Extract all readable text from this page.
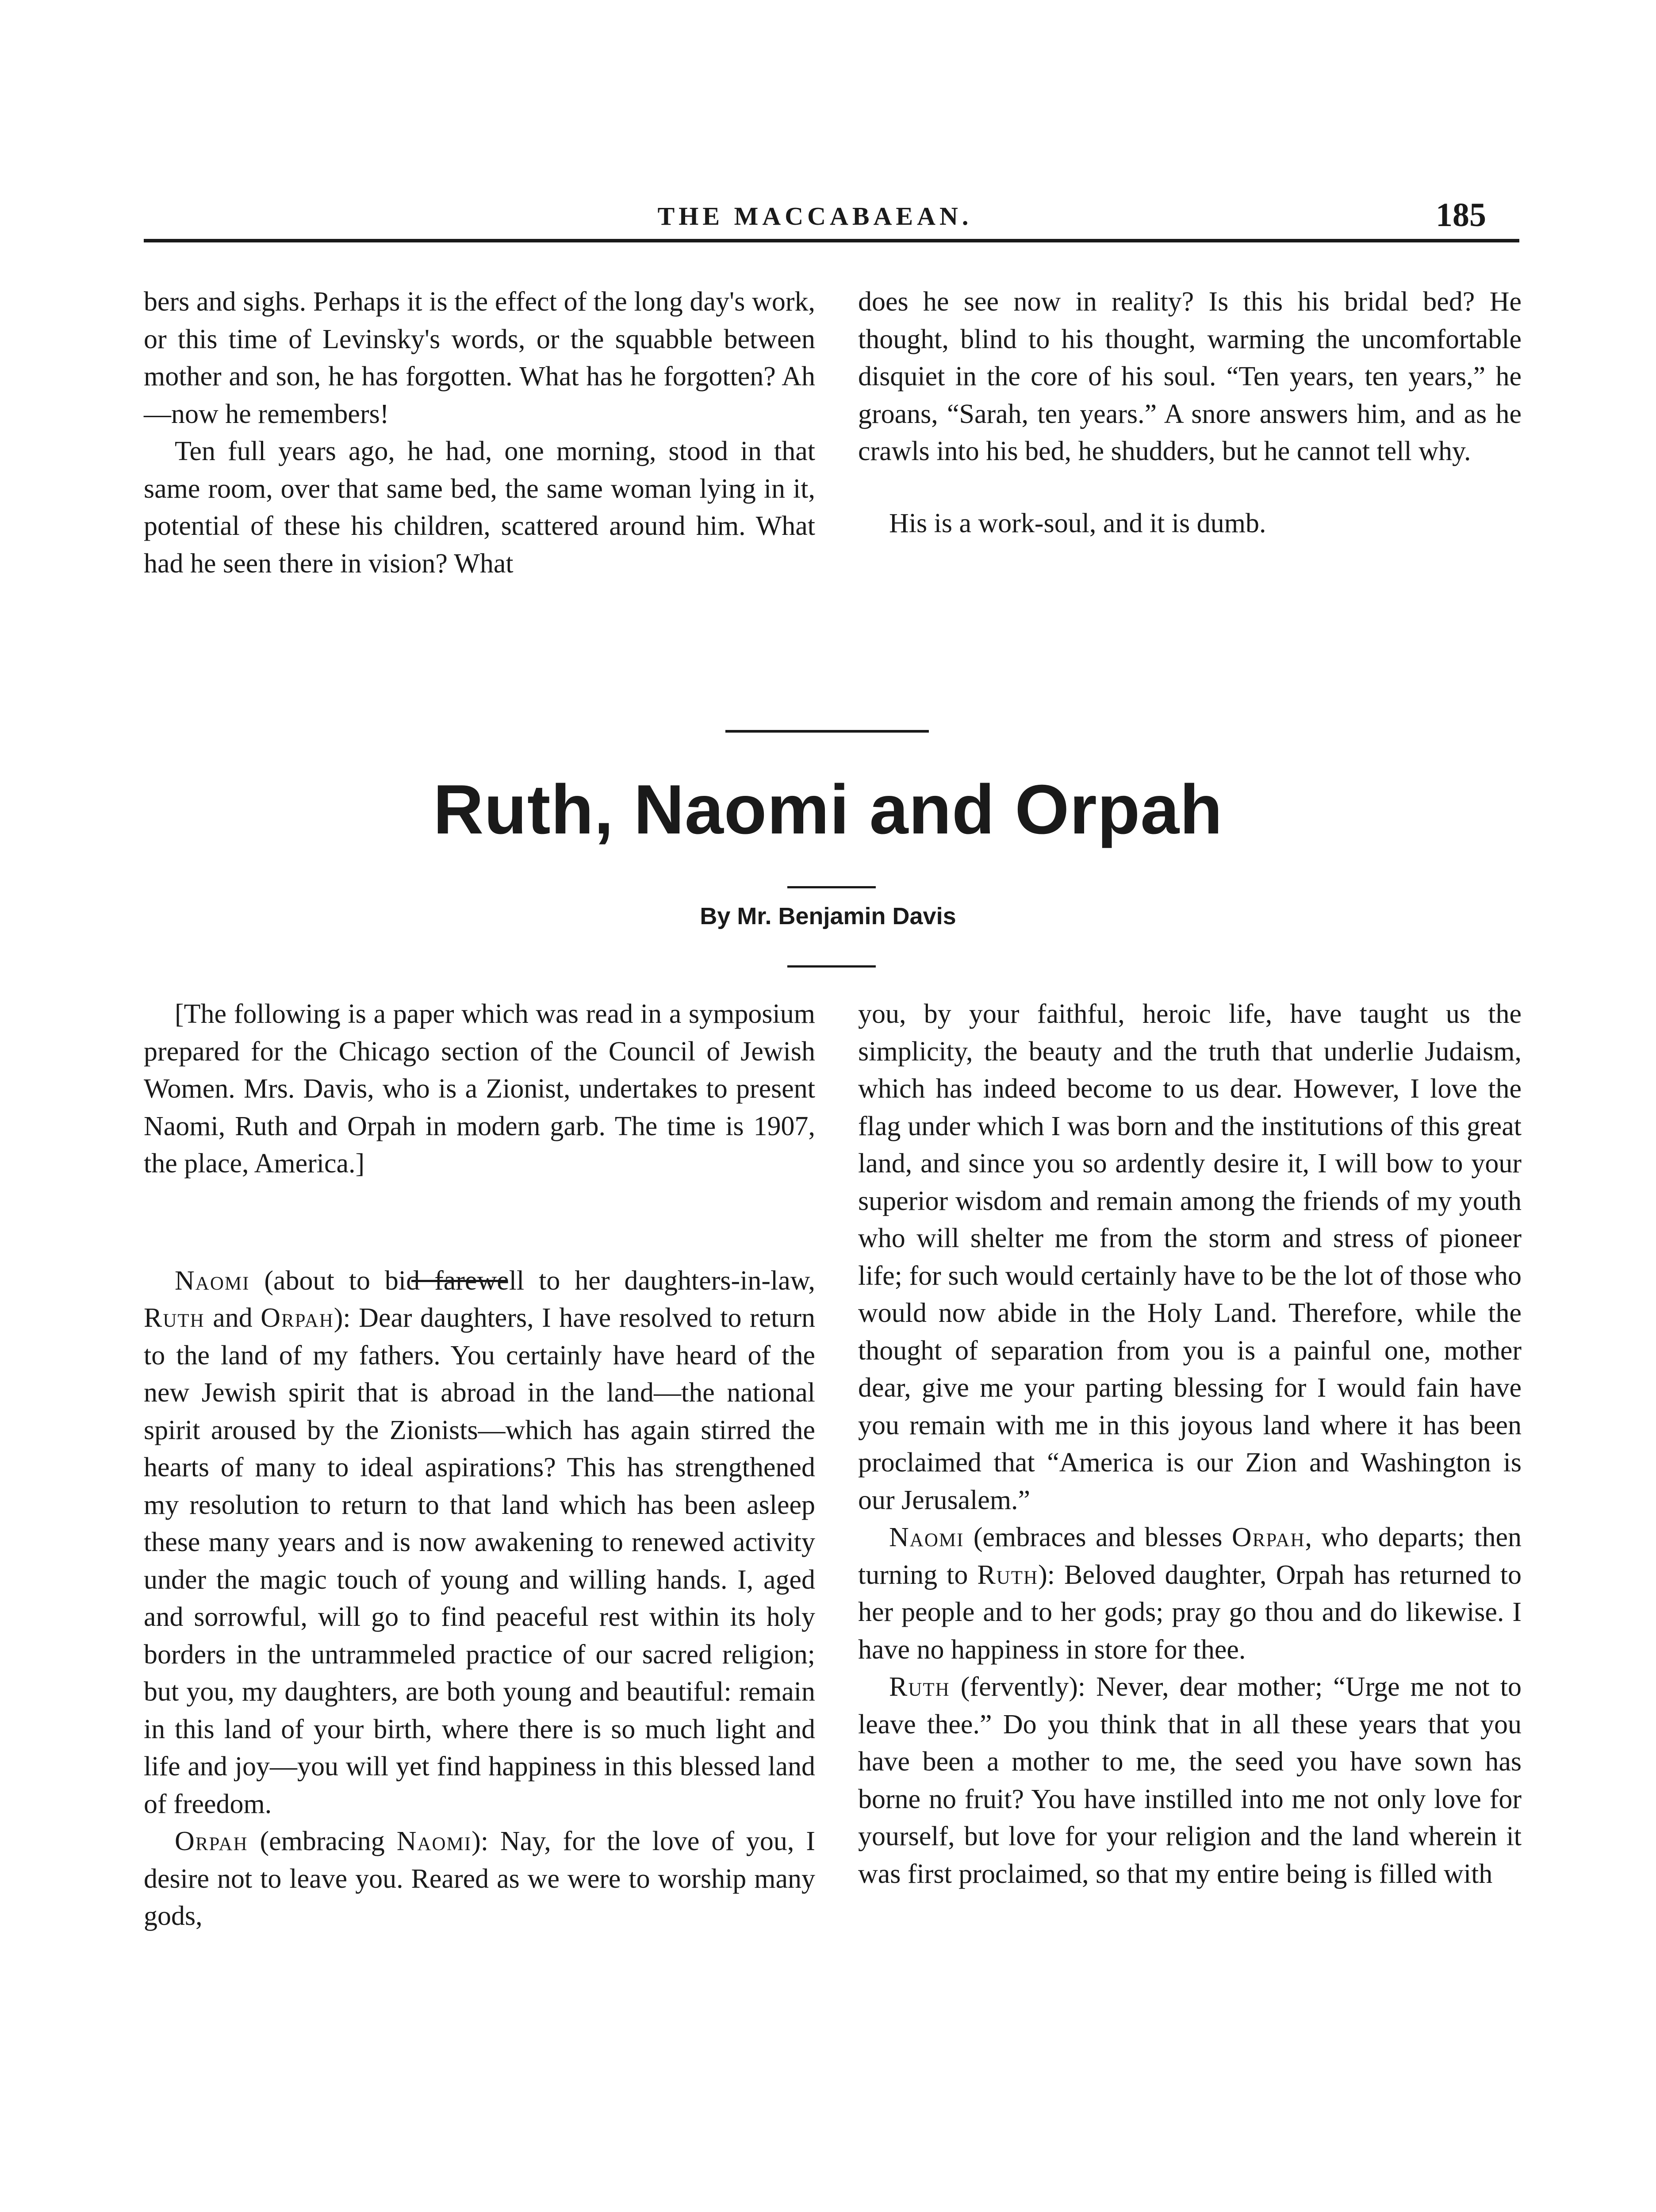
THE MACCABAEAN.	185

bers and sighs. Perhaps it is the effect of the long day's work, or this time of Levinsky's words, or the squabble between mother and son, he has forgotten. What has he forgotten? Ah—now he remembers!

Ten full years ago, he had, one morning, stood in that same room, over that same bed, the same woman lying in it, potential of these his children, scattered around him. What had he seen there in vision? What

does he see now in reality? Is this his bridal bed? He thought, blind to his thought, warming the uncomfortable disquiet in the core of his soul. “Ten years, ten years,” he groans, “Sarah, ten years.” A snore answers him, and as he crawls into his bed, he shudders, but he cannot tell why.

His is a work-soul, and it is dumb.

Ruth, Naomi and Orpah
By Mr. Benjamin Davis

[The following is a paper which was read in a symposium prepared for the Chicago section of the Council of Jewish Women. Mrs. Davis, who is a Zionist, undertakes to present Naomi, Ruth and Orpah in modern garb. The time is 1907, the place, America.]

Naomi (about to bid farewell to her daughters-in-law, Ruth and Orpah): Dear daughters, I have resolved to return to the land of my fathers. You certainly have heard of the new Jewish spirit that is abroad in the land—the national spirit aroused by the Zionists—which has again stirred the hearts of many to ideal aspirations? This has strengthened my resolution to return to that land which has been asleep these many years and is now awakening to renewed activity under the magic touch of young and willing hands. I, aged and sorrowful, will go to find peaceful rest within its holy borders in the untrammeled practice of our sacred religion; but you, my daughters, are both young and beautiful: remain in this land of your birth, where there is so much light and life and joy—you will yet find happiness in this blessed land of freedom.

Orpah (embracing Naomi): Nay, for the love of you, I desire not to leave you. Reared as we were to worship many gods,

you, by your faithful, heroic life, have taught us the simplicity, the beauty and the truth that underlie Judaism, which has indeed become to us dear. However, I love the flag under which I was born and the institutions of this great land, and since you so ardently desire it, I will bow to your superior wisdom and remain among the friends of my youth who will shelter me from the storm and stress of pioneer life; for such would certainly have to be the lot of those who would now abide in the Holy Land. Therefore, while the thought of separation from you is a painful one, mother dear, give me your parting blessing for I would fain have you remain with me in this joyous land where it has been proclaimed that “America is our Zion and Washington is our Jerusalem.”

Naomi (embraces and blesses Orpah, who departs; then turning to Ruth): Beloved daughter, Orpah has returned to her people and to her gods; pray go thou and do likewise. I have no happiness in store for thee.

Ruth (fervently): Never, dear mother; “Urge me not to leave thee.” Do you think that in all these years that you have been a mother to me, the seed you have sown has borne no fruit? You have instilled into me not only love for yourself, but love for your religion and the land wherein it was first proclaimed, so that my entire being is filled with
